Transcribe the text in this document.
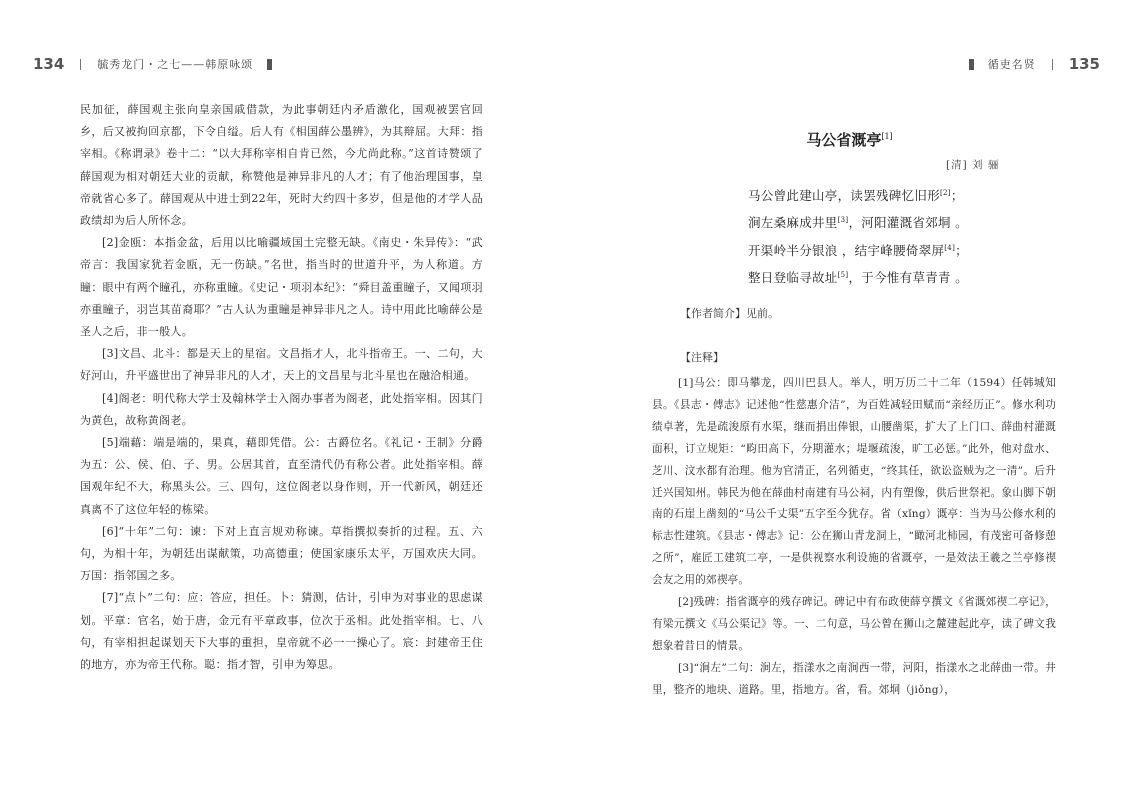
134	毓秀龙门・之七——韩原咏颂

民加征，薛国观主张向皇亲国戚借款，为此事朝廷内矛盾激化，国观被罢官回乡，后又被拘回京都，下令自缢。后人有《相国薛公墨辨》，为其辩屈。大拜：指宰相。《称谓录》卷十二：“以大拜称宰相自肯已然，今尤尚此称。”这首诗赞颂了薛国观为相对朝廷大业的贡献，称赞他是神异非凡的人才；有了他治理国事，皇帝就省心多了。薛国观从中进士到22年，死时大约四十多岁，但是他的才学人品政绩却为后人所怀念。

[2]金瓯：本指金盆，后用以比喻疆域国土完整无缺。《南史・朱异传》：“武帝言：我国家犹若金瓯，无一伤缺。”名世，指当时的世道升平，为人称道。方瞳：眼中有两个瞳孔，亦称重瞳。《史记・项羽本纪》：“舜目盖重瞳子，又闻项羽亦重瞳子，羽岂其苗裔耶？”古人认为重瞳是神异非凡之人。诗中用此比喻薛公是圣人之后，非一般人。

[3]文昌、北斗：都是天上的星宿。文昌指才人，北斗指帝王。一、二句，大好河山，升平盛世出了神异非凡的人才，天上的文昌星与北斗星也在融洽相通。

[4]阁老：明代称大学士及翰林学士入阁办事者为阁老，此处指宰相。因其门为黄色，故称黄阁老。

[5]端藉：端是端的，果真，藉即凭借。公：古爵位名。《礼记・王制》分爵为五：公、侯、伯、子、男。公居其首，直至清代仍有称公者。此处指宰相。薛国观年纪不大，称黑头公。三、四句，这位阁老以身作则，开一代新风，朝廷还真离不了这位年轻的栋梁。

[6]“十年”二句：谏：下对上直言规劝称谏。草指撰拟奏折的过程。五、六句，为相十年，为朝廷出谋献策，功高德重；使国家康乐太平，万国欢庆大同。万国：指邻国之多。

[7]“点卜”二句：应：答应，担任。卜：猜测，估计，引申为对事业的思虑谋划。平章：官名，始于唐，金元有平章政事，位次于丞相。此处指宰相。七、八句，有宰相担起谋划天下大事的重担，皇帝就不必一一操心了。宸：封建帝王住的地方，亦为帝王代称。聪：指才智，引申为筹思。

循吏名贤 135
马公省溉亭[1]
[清] 刘 骊

马公曾此建山亭，读罢残碑忆旧形[2]；

涧左桑麻成井里[3]，河阳灌溉省郊垌 。

开渠岭半分银浪 ，结宇峰腰倚翠屏[4]；

整日登临寻故址[5]，于今惟有草青青 。

【作者简介】见前。
【注释】

[1]马公：即马攀龙，四川巴县人。举人，明万历二十二年（1594）任韩城知县。《县志・傅志》记述他“性慈惠介洁”，为百姓减轻田赋而“亲经历正”。修水利功绩卓著，先是疏浚原有水渠，继而捐出俸银，山腰凿渠，扩大了上门口、薛曲村灌溉面积，订立规矩：“畇田高下，分期灌水；堤堰疏浚，旷工必惩。”此外，他对盘水、芝川、汶水都有治理。他为官清正，名列循吏，“终其任，欲讼盗贼为之一清”。后升迁兴国知州。韩民为他在薛曲村南建有马公祠，内有塑像，供后世祭祀。象山脚下朝南的石崖上凿刻的“马公千丈渠”五字至今犹存。省（xǐng）溉亭：当为马公修水利的标志性建筑。《县志・傅志》记：公在狮山青龙洞上，“瞰河北柿园，有茂密可备修憩之所”，雇匠工建筑二亭，一是供视察水利设施的省溉亭，一是效法王羲之兰亭修禊会友之用的郊禊亭。

[2]残碑：指省溉亭的残存碑记。碑记中有布政使薛亨撰文《省溉郊禊二亭记》，有梁元撰文《马公渠记》等。一、二句意，马公曾在狮山之麓建起此亭，读了碑文我想象着昔日的情景。

[3]“涧左”二句：涧左，指漾水之南涧西一带，河阳，指漾水之北薛曲一带。井里，整齐的地块、道路。里，指地方。省，看。郊垌（jiǒng），
